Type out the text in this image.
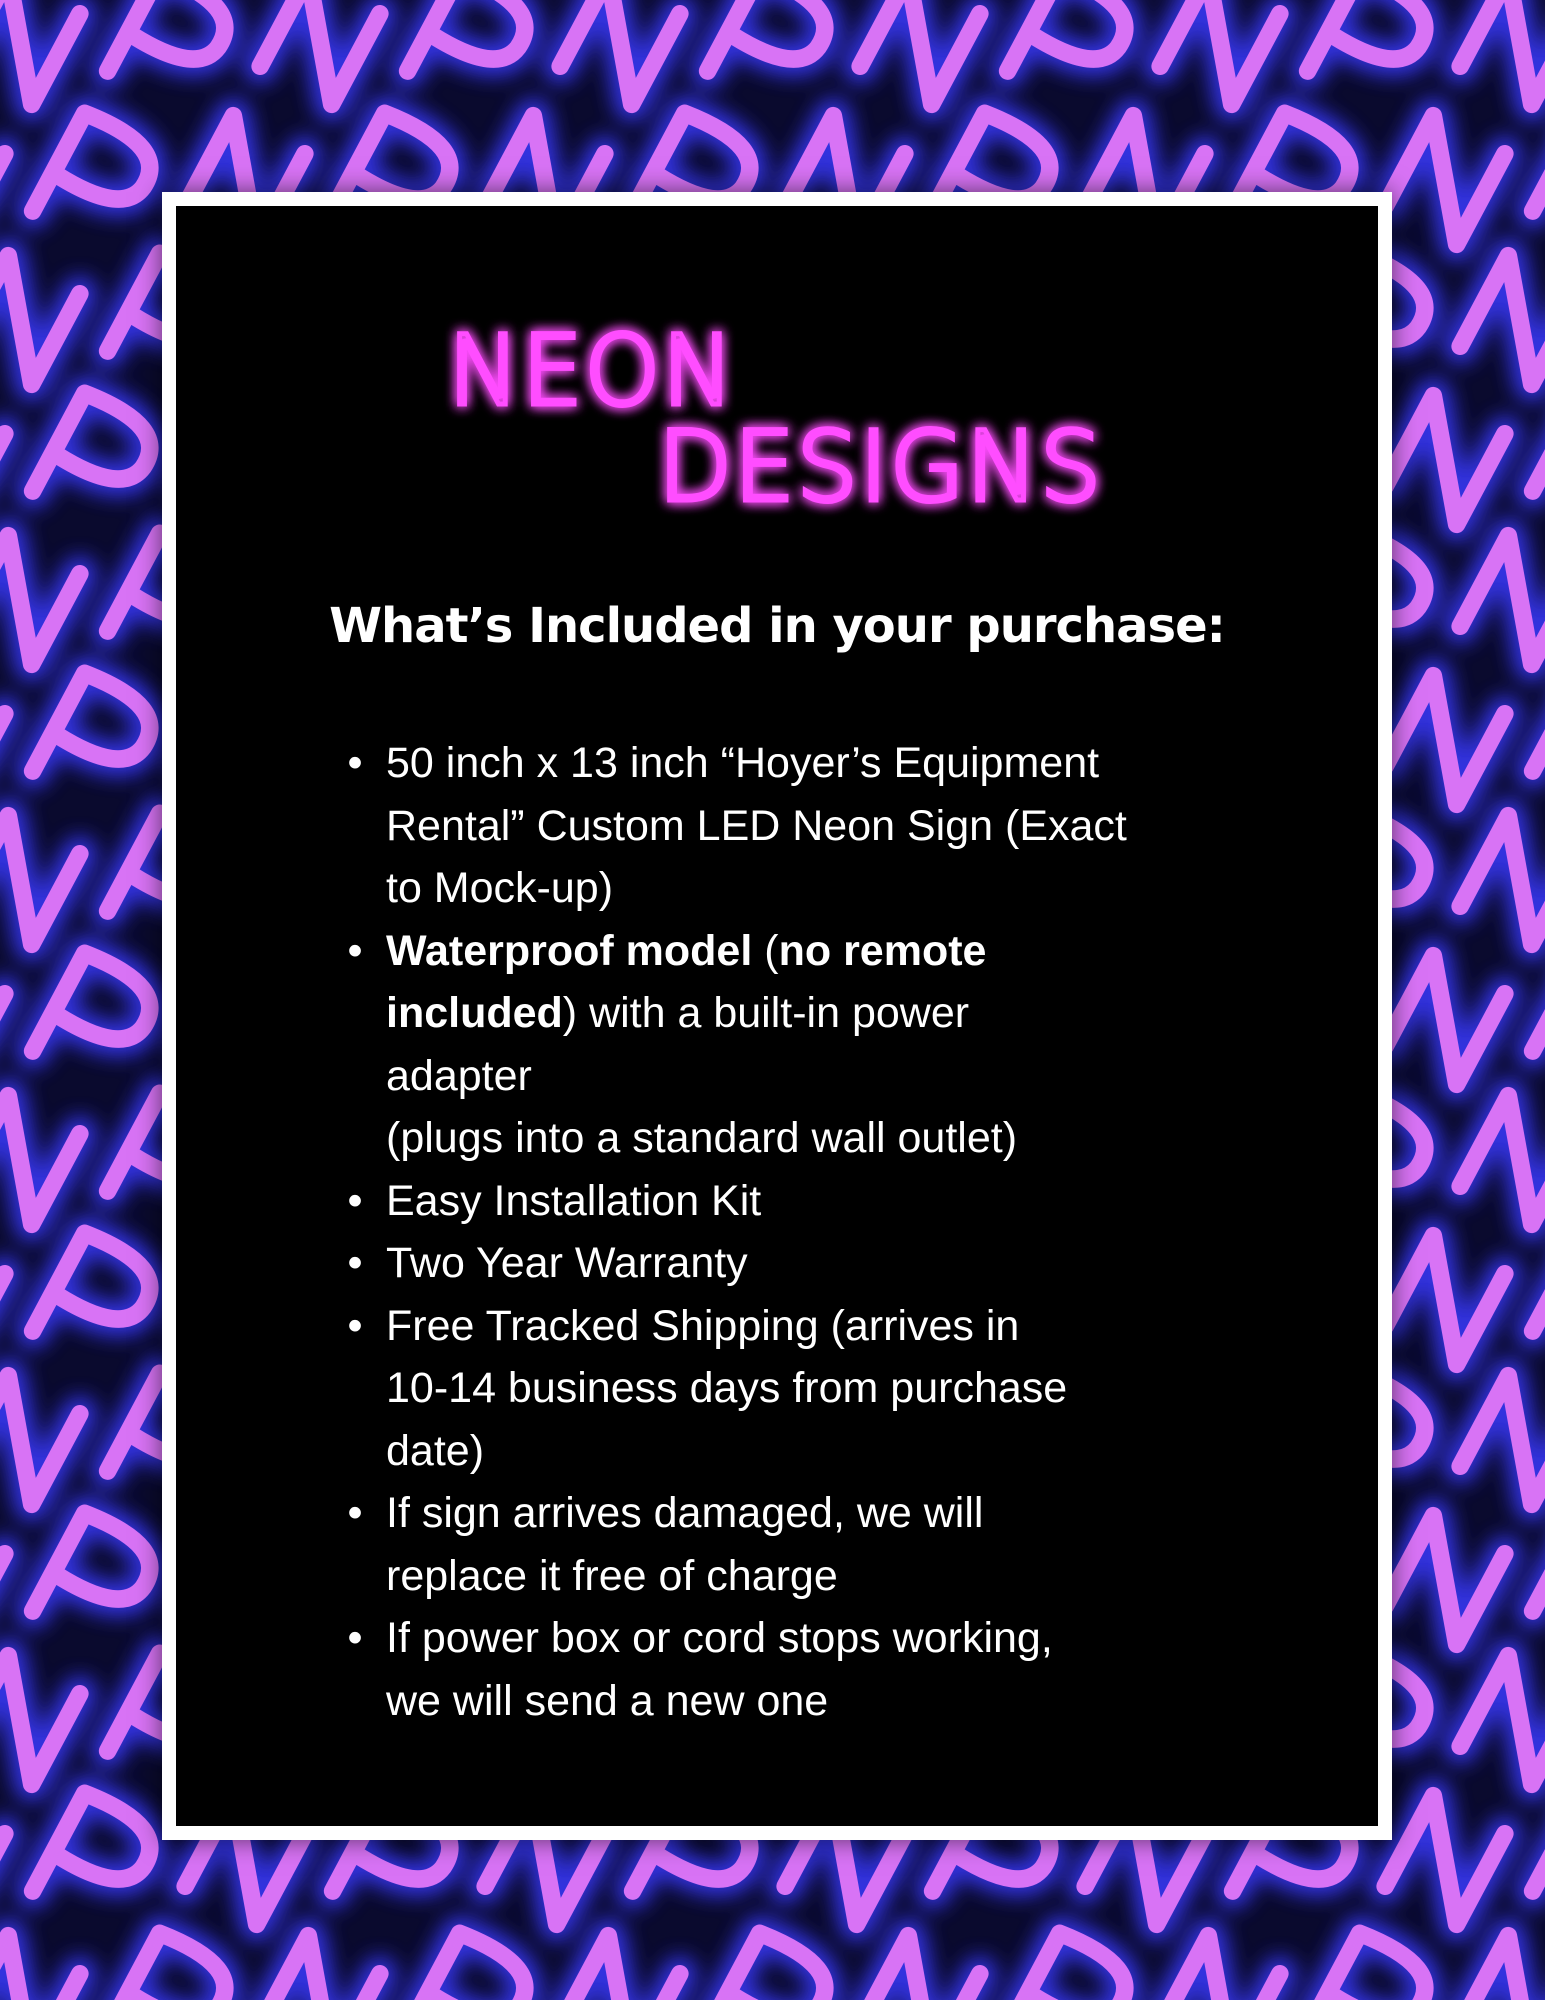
NEON
DESIGNS
What’s Included in your purchase:
• 50 inch x 13 inch “Hoyer’s Equipment
Rental” Custom LED Neon Sign (Exact
to Mock-up)
• Waterproof model (no remote
included) with a built-in power
adapter
(plugs into a standard wall outlet)
• Easy Installation Kit
• Two Year Warranty
• Free Tracked Shipping (arrives in
10-14 business days from purchase
date)
• If sign arrives damaged, we will
replace it free of charge
• If power box or cord stops working,
we will send a new one
